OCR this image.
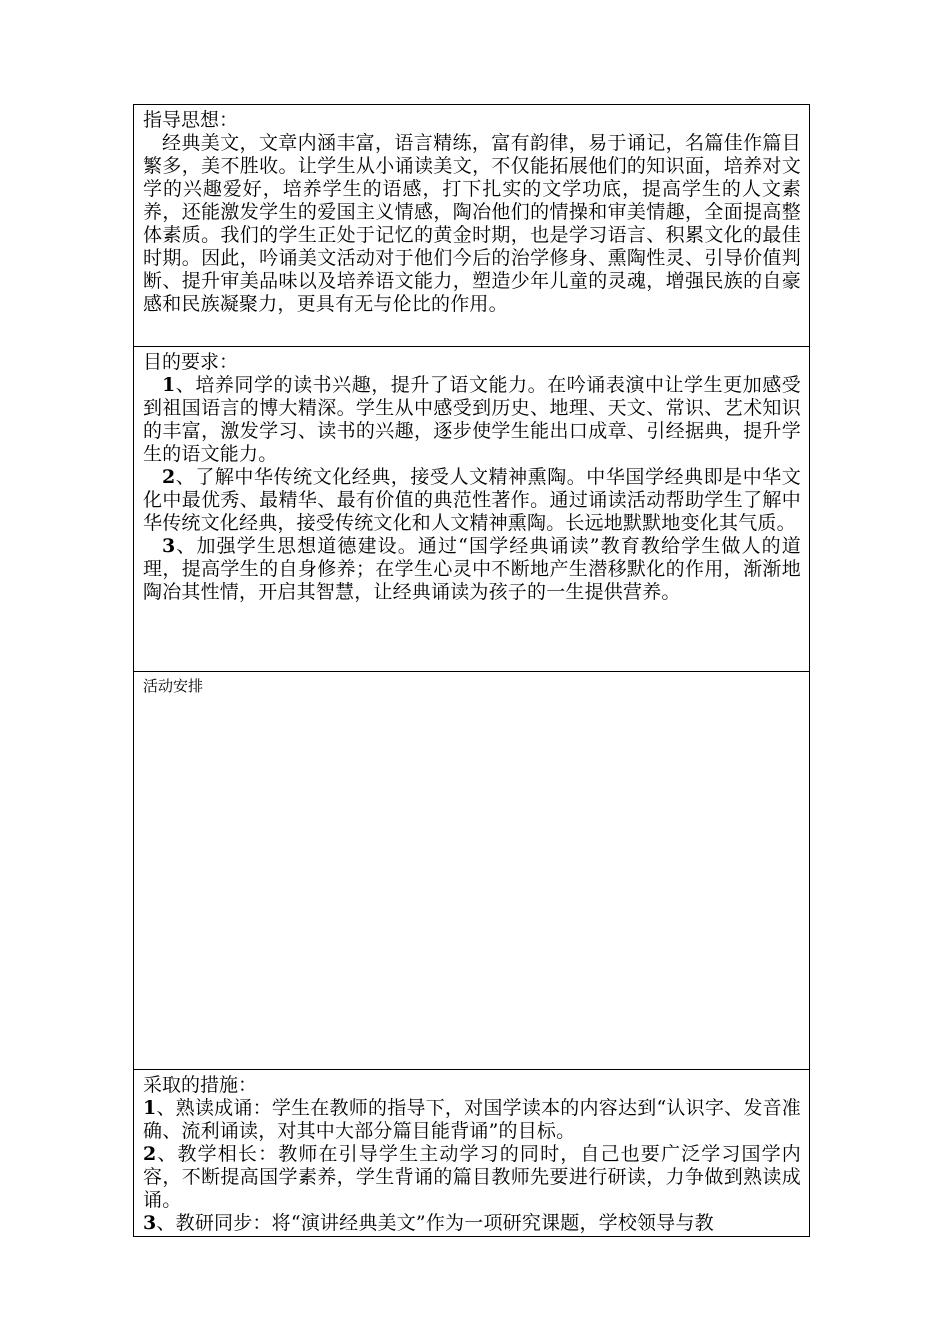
指导思想：

经典美文，文章内涵丰富，语言精练，富有韵律，易于诵记，名篇佳作篇目繁多，美不胜收。让学生从小诵读美文，不仅能拓展他们的知识面，培养对文学的兴趣爱好，培养学生的语感，打下扎实的文学功底，提高学生的人文素养，还能激发学生的爱国主义情感，陶冶他们的情操和审美情趣，全面提高整体素质。我们的学生正处于记忆的黄金时期，也是学习语言、积累文化的最佳时期。因此，吟诵美文活动对于他们今后的治学修身、熏陶性灵、引导价值判断、提升审美品味以及培养语文能力，塑造少年儿童的灵魂，增强民族的自豪感和民族凝聚力，更具有无与伦比的作用。

目的要求：

1、培养同学的读书兴趣，提升了语文能力。在吟诵表演中让学生更加感受到祖国语言的博大精深。学生从中感受到历史、地理、天文、常识、艺术知识的丰富，激发学习、读书的兴趣，逐步使学生能出口成章、引经据典，提升学生的语文能力。

2、了解中华传统文化经典，接受人文精神熏陶。中华国学经典即是中华文化中最优秀、最精华、最有价值的典范性著作。通过诵读活动帮助学生了解中华传统文化经典，接受传统文化和人文精神熏陶。长远地默默地变化其气质。

3、加强学生思想道德建设。通过“国学经典诵读”教育教给学生做人的道理，提高学生的自身修养；在学生心灵中不断地产生潜移默化的作用，渐渐地陶冶其性情，开启其智慧，让经典诵读为孩子的一生提供营养。

活动安排

采取的措施：

1、熟读成诵：学生在教师的指导下，对国学读本的内容达到“认识字、发音准确、流利诵读，对其中大部分篇目能背诵”的目标。

2、教学相长：教师在引导学生主动学习的同时，自己也要广泛学习国学内容，不断提高国学素养，学生背诵的篇目教师先要进行研读，力争做到熟读成诵。

3、教研同步：将“演讲经典美文”作为一项研究课题，学校领导与教
